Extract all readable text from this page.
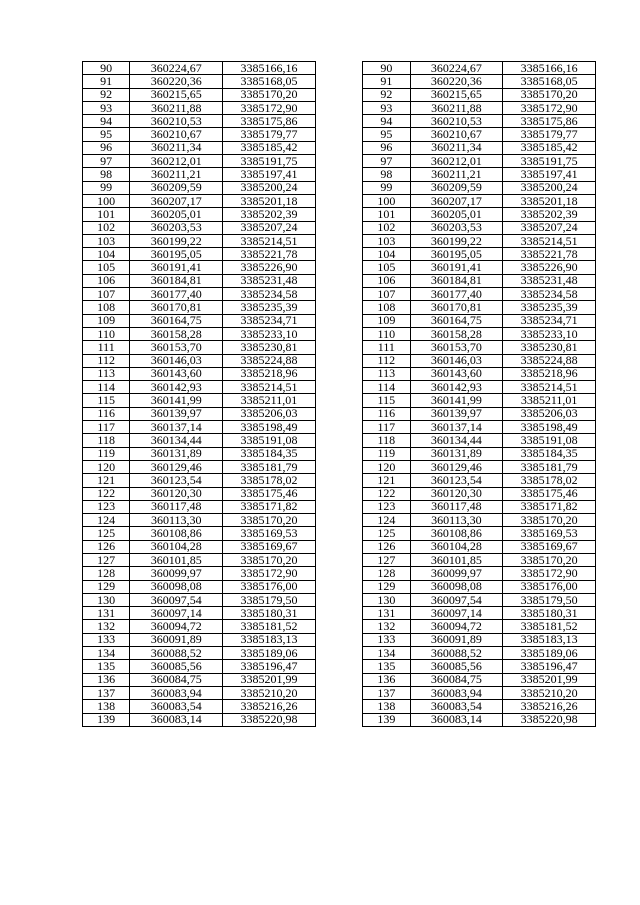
90	360224,67	3385166,16		90	360224,67	3385166,16
91	360220,36	3385168,05		91	360220,36	3385168,05
92	360215,65	3385170,20		92	360215,65	3385170,20
93	360211,88	3385172,90		93	360211,88	3385172,90
94	360210,53	3385175,86		94	360210,53	3385175,86
95	360210,67	3385179,77		95	360210,67	3385179,77
96	360211,34	3385185,42		96	360211,34	3385185,42
97	360212,01	3385191,75		97	360212,01	3385191,75
98	360211,21	3385197,41		98	360211,21	3385197,41
99	360209,59	3385200,24		99	360209,59	3385200,24
100	360207,17	3385201,18		100	360207,17	3385201,18
101	360205,01	3385202,39		101	360205,01	3385202,39
102	360203,53	3385207,24		102	360203,53	3385207,24
103	360199,22	3385214,51		103	360199,22	3385214,51
104	360195,05	3385221,78		104	360195,05	3385221,78
105	360191,41	3385226,90		105	360191,41	3385226,90
106	360184,81	3385231,48		106	360184,81	3385231,48
107	360177,40	3385234,58		107	360177,40	3385234,58
108	360170,81	3385235,39		108	360170,81	3385235,39
109	360164,75	3385234,71		109	360164,75	3385234,71
110	360158,28	3385233,10		110	360158,28	3385233,10
111	360153,70	3385230,81		111	360153,70	3385230,81
112	360146,03	3385224,88		112	360146,03	3385224,88
113	360143,60	3385218,96		113	360143,60	3385218,96
114	360142,93	3385214,51		114	360142,93	3385214,51
115	360141,99	3385211,01		115	360141,99	3385211,01
116	360139,97	3385206,03		116	360139,97	3385206,03
117	360137,14	3385198,49		117	360137,14	3385198,49
118	360134,44	3385191,08		118	360134,44	3385191,08
119	360131,89	3385184,35		119	360131,89	3385184,35
120	360129,46	3385181,79		120	360129,46	3385181,79
121	360123,54	3385178,02		121	360123,54	3385178,02
122	360120,30	3385175,46		122	360120,30	3385175,46
123	360117,48	3385171,82		123	360117,48	3385171,82
124	360113,30	3385170,20		124	360113,30	3385170,20
125	360108,86	3385169,53		125	360108,86	3385169,53
126	360104,28	3385169,67		126	360104,28	3385169,67
127	360101,85	3385170,20		127	360101,85	3385170,20
128	360099,97	3385172,90		128	360099,97	3385172,90
129	360098,08	3385176,00		129	360098,08	3385176,00
130	360097,54	3385179,50		130	360097,54	3385179,50
131	360097,14	3385180,31		131	360097,14	3385180,31
132	360094,72	3385181,52		132	360094,72	3385181,52
133	360091,89	3385183,13		133	360091,89	3385183,13
134	360088,52	3385189,06		134	360088,52	3385189,06
135	360085,56	3385196,47		135	360085,56	3385196,47
136	360084,75	3385201,99		136	360084,75	3385201,99
137	360083,94	3385210,20		137	360083,94	3385210,20
138	360083,54	3385216,26		138	360083,54	3385216,26
139	360083,14	3385220,98		139	360083,14	3385220,98
